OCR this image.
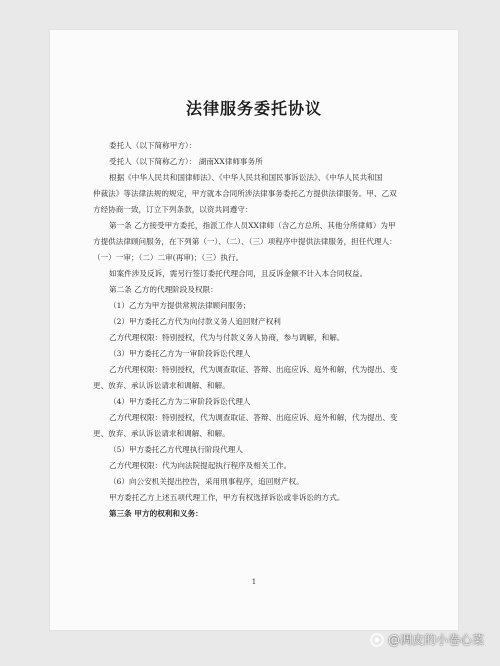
法律服务委托协议
委托人（以下简称甲方）：
受托人（以下简称乙方）： 湖南XX律师事务所
根据《中华人民共和国律师法》、《中华人民共和国民事诉讼法》、《中华人民共和国
仲裁法》等法律法规的规定，甲方就本合同所涉法律事务委托乙方提供法律服务。甲、乙双
方经协商一致，订立下列条款，以资共同遵守：
第一条 乙方接受甲方委托，指派工作人员XX律师（含乙方总所、其他分所律师）为甲
方提供法律顾问服务，在下列第（一）、（二）、（三）项程序中提供法律服务，担任代理人：
（一）一审；（二）二审(再审)；（三）执行。
如案件涉及反诉，需另行签订委托代理合同，且反诉金额不计入本合同权益。
第二条 乙方的代理阶段及权限：
（1）乙方为甲方提供常规法律顾问服务；
（2）甲方委托乙方代为向付款义务人追回财产权利
乙方代理权限：特别授权，代为与付款义务人协商，参与调解，和解。
（3）甲方委托乙方为一审阶段诉讼代理人
乙方代理权限：特别授权，代为调查取证、答辩、出庭应诉、庭外和解，代为提出、变
更、放弃、承认诉讼请求和调解、和解。
（4）甲方委托乙方为二审阶段诉讼代理人
乙方代理权限：特别授权，代为调查取证、答辩、出庭应诉、庭外和解，代为提出、变
更、放弃、承认诉讼请求和调解、和解。
（5）甲方委托乙方代理执行阶段代理人
乙方代理权限：代为向法院提起执行程序及相关工作。
（6）向公安机关提出控告，采用刑事程序，追回财产权。
甲方委托乙方上述五项代理工作，甲方有权选择诉讼或非诉讼的方式。
第三条 甲方的权利和义务：
1
@凋皮的小卷心菜
